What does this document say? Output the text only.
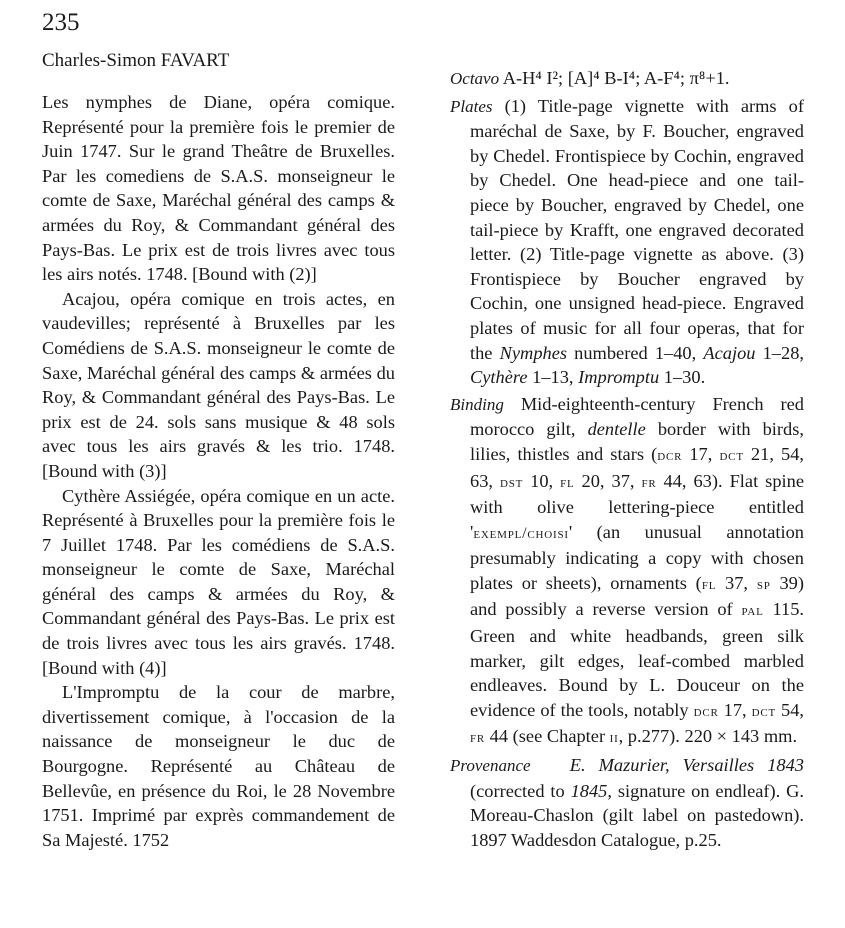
235
Charles-Simon FAVART

Les nymphes de Diane, opéra comique. Représenté pour la première fois le premier de Juin 1747. Sur le grand Theâtre de Bruxelles. Par les comediens de S.A.S. monseigneur le comte de Saxe, Maréchal général des camps & armées du Roy, & Commandant général des Pays-Bas. Le prix est de trois livres avec tous les airs notés. 1748. [Bound with (2)]

Acajou, opéra comique en trois actes, en vaudevilles; représenté à Bruxelles par les Comédiens de S.A.S. monseigneur le comte de Saxe, Maréchal général des camps & armées du Roy, & Commandant général des Pays-Bas. Le prix est de 24. sols sans musique & 48 sols avec tous les airs gravés & les trio. 1748. [Bound with (3)]

Cythère Assiégée, opéra comique en un acte. Représenté à Bruxelles pour la première fois le 7 Juillet 1748. Par les comédiens de S.A.S. monseigneur le comte de Saxe, Maréchal général des camps & armées du Roy, & Commandant général des Pays-Bas. Le prix est de trois livres avec tous les airs gravés. 1748. [Bound with (4)]

L'Impromptu de la cour de marbre, divertissement comique, à l'occasion de la naissance de monseigneur le duc de Bourgogne. Représenté au Château de Bellevûe, en présence du Roi, le 28 Novembre 1751. Imprimé par exprès commandement de Sa Majesté. 1752

Octavo A-H⁴ I²; [A]⁴ B-I⁴; A-F⁴; π⁸+1.
Plates (1) Title-page vignette with arms of maréchal de Saxe, by F. Boucher, engraved by Chedel. Frontispiece by Cochin, engraved by Chedel. One head-piece and one tail-piece by Boucher, engraved by Chedel, one tail-piece by Krafft, one engraved decorated letter. (2) Title-page vignette as above. (3) Frontispiece by Boucher engraved by Cochin, one unsigned head-piece. Engraved plates of music for all four operas, that for the Nymphes numbered 1–40, Acajou 1–28, Cythère 1–13, Impromptu 1–30.
Binding Mid-eighteenth-century French red morocco gilt, dentelle border with birds, lilies, thistles and stars (dcr 17, dct 21, 54, 63, dst 10, fl 20, 37, fr 44, 63). Flat spine with olive lettering-piece entitled 'exempl/choisi' (an unusual annotation presumably indicating a copy with chosen plates or sheets), ornaments (fl 37, sp 39) and possibly a reverse version of pal 115. Green and white headbands, green silk marker, gilt edges, leaf-combed marbled endleaves. Bound by L. Douceur on the evidence of the tools, notably dcr 17, dct 54, fr 44 (see Chapter ii, p.277). 220 × 143 mm.
Provenance E. Mazurier, Versailles 1843 (corrected to 1845, signature on endleaf). G. Moreau-Chaslon (gilt label on pastedown). 1897 Waddesdon Catalogue, p.25.
